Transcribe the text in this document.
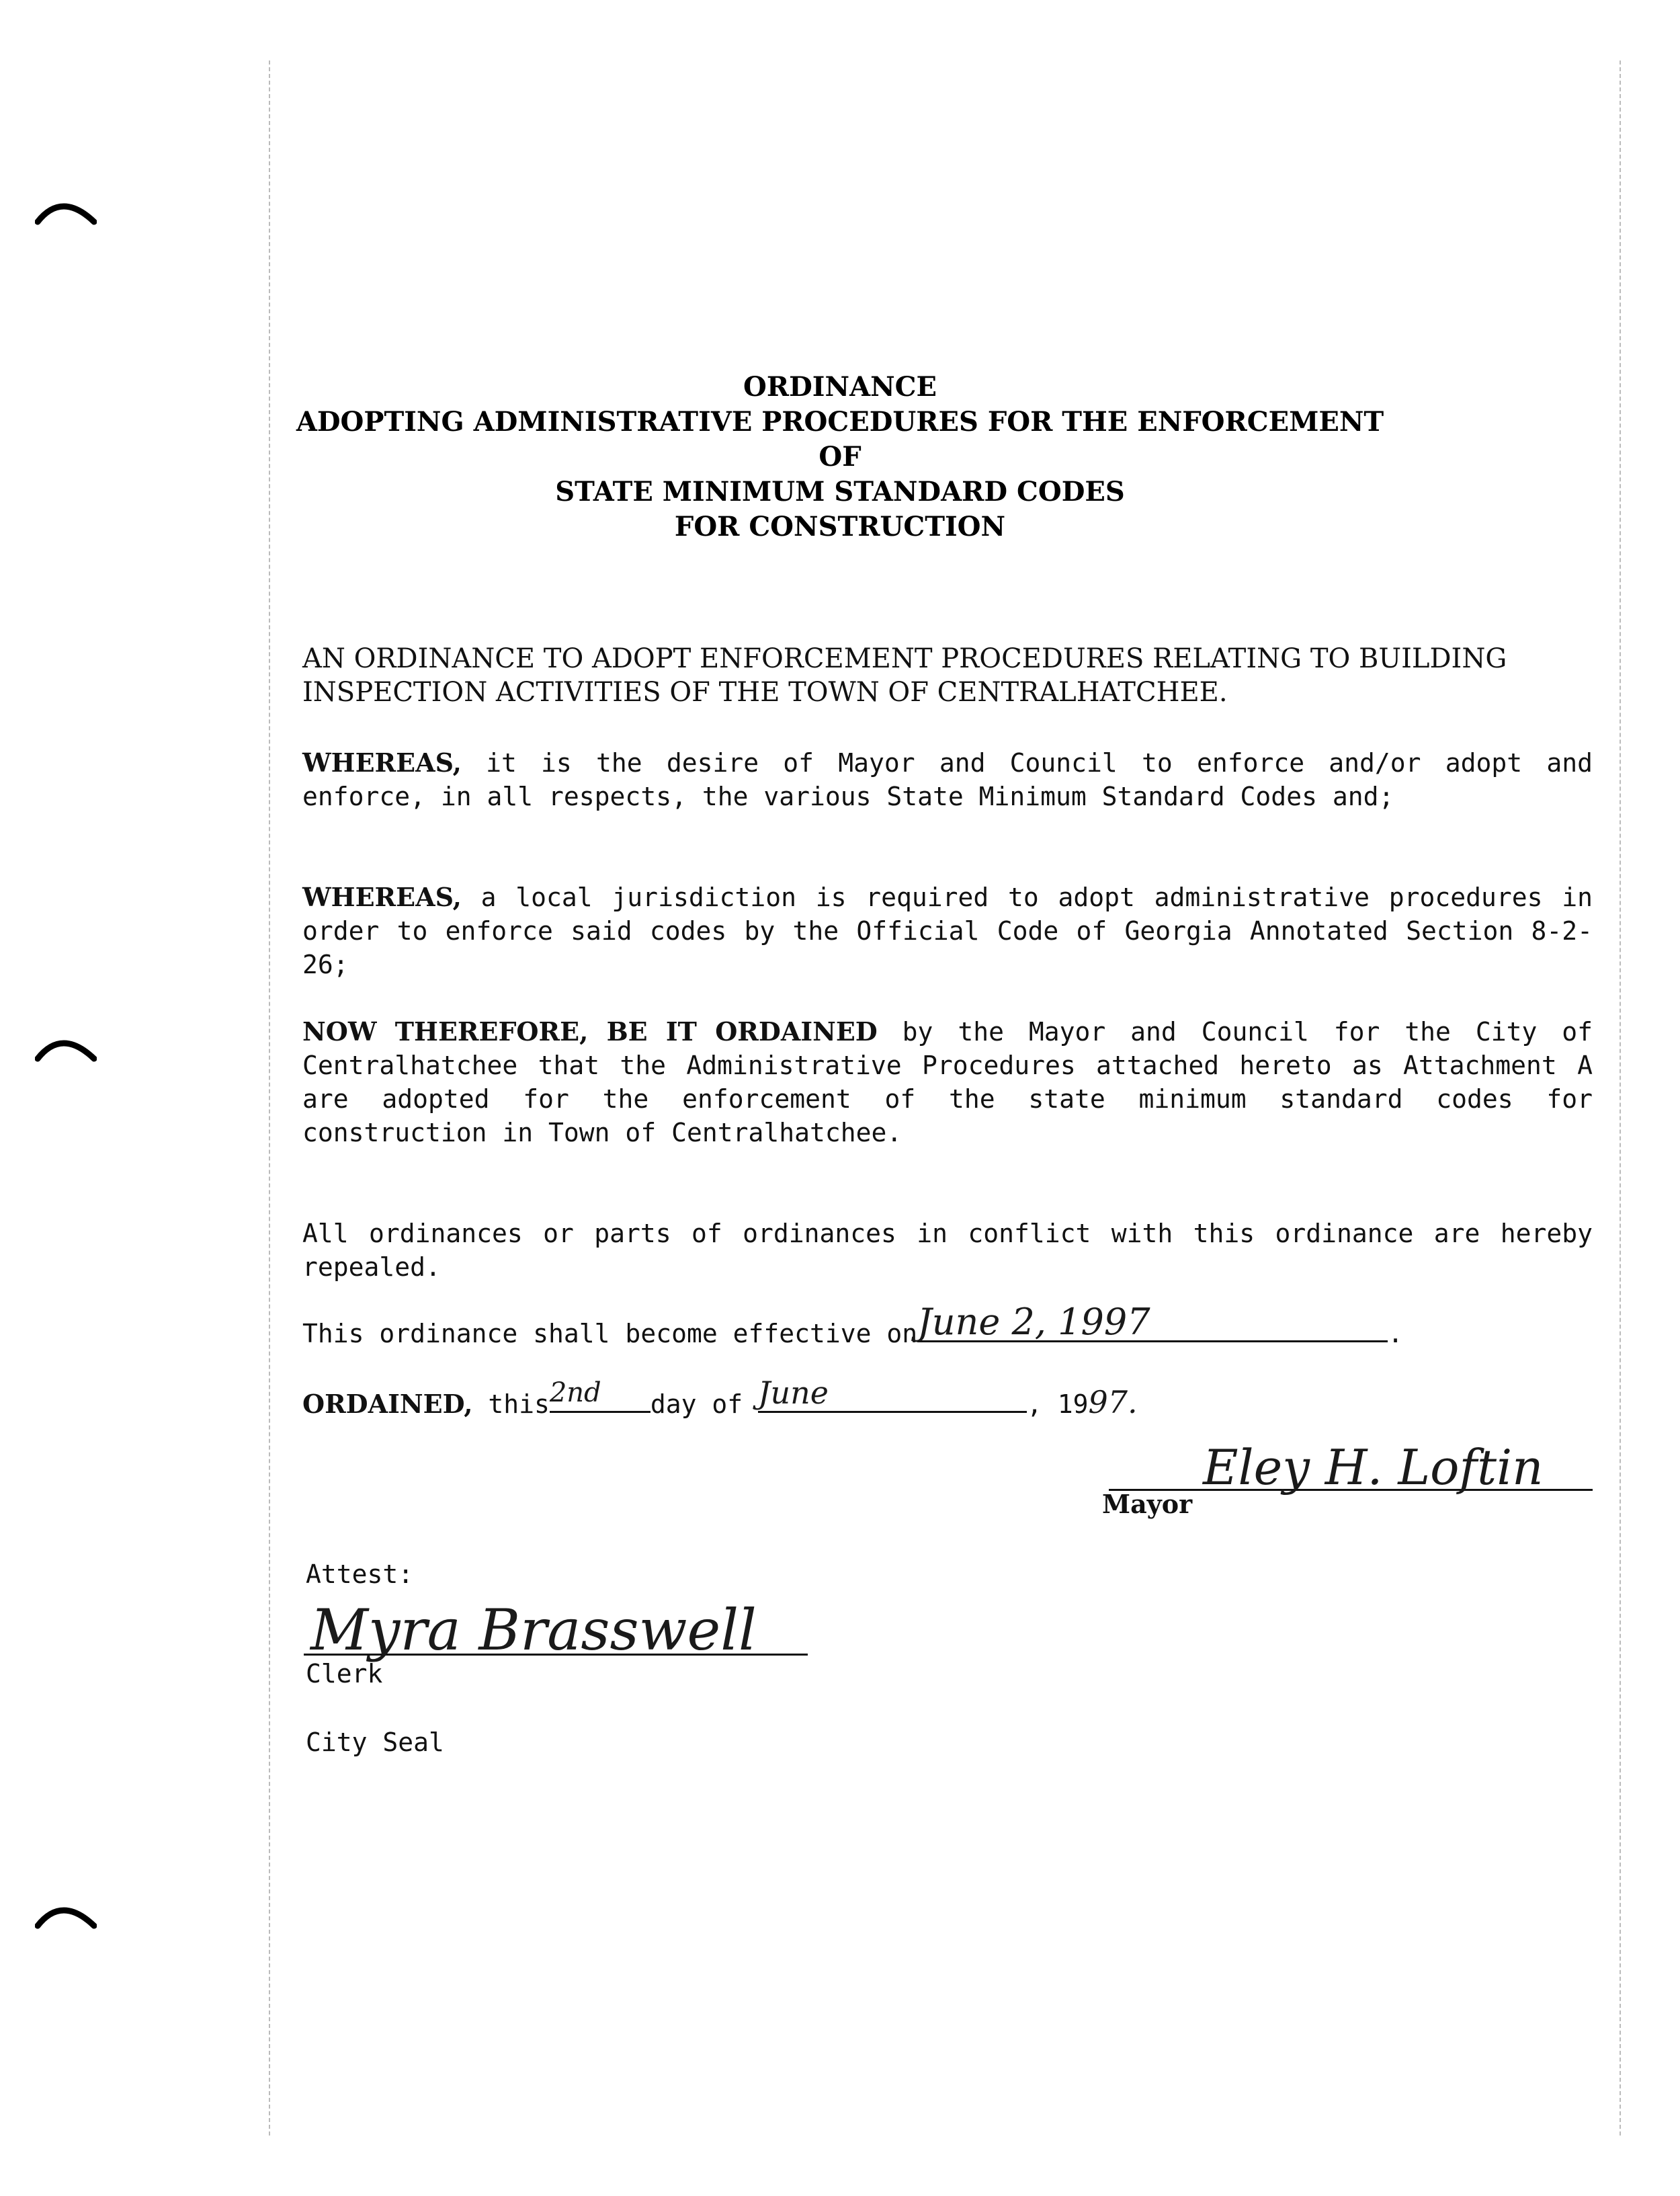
ORDINANCE
ADOPTING ADMINISTRATIVE PROCEDURES FOR THE ENFORCEMENT
OF
STATE MINIMUM STANDARD CODES
FOR CONSTRUCTION
AN ORDINANCE TO ADOPT ENFORCEMENT PROCEDURES RELATING TO BUILDING
INSPECTION ACTIVITIES OF THE TOWN OF CENTRALHATCHEE.
WHEREAS, it is the desire of Mayor and Council to enforce and/or adopt and enforce, in all respects, the various State Minimum Standard Codes and;
WHEREAS, a local jurisdiction is required to adopt administrative procedures in order to enforce said codes by the Official Code of Georgia Annotated Section 8-2-26;
NOW THEREFORE, BE IT ORDAINED by the Mayor and Council for the City of Centralhatchee that the Administrative Procedures attached hereto as Attachment A are adopted for the enforcement of the state minimum standard codes for construction in Town of Centralhatchee.
All ordinances or parts of ordinances in conflict with this ordinance are hereby repealed.
This ordinance shall become effective on June 2, 1997	.
ORDAINED, this 2nd	day of June	, 1997.
Eley H. Loftin
Mayor
Attest:
Myra Brasswell
Clerk
City Seal
